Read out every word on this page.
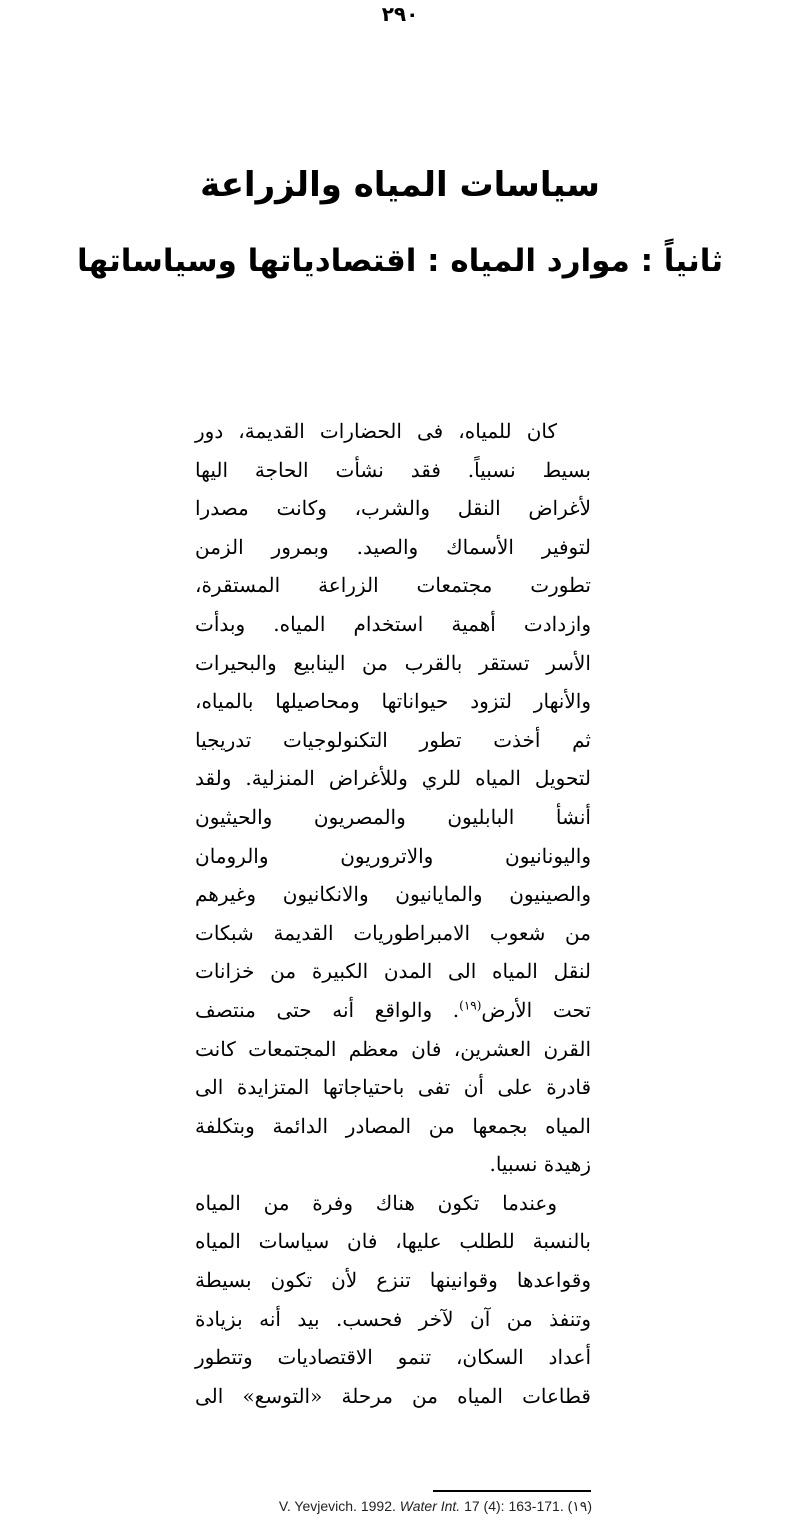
٢٩٠
سياسات المياه والزراعة
ثانياً : موارد المياه : اقتصادياتها وسياساتها
كان للمياه، فى الحضارات القديمة، دور
بسيط نسبياً. فقد نشأت الحاجة اليها
لأغراض النقل والشرب، وكانت مصدرا
لتوفير الأسماك والصيد. وبمرور الزمن
تطورت مجتمعات الزراعة المستقرة،
وازدادت أهمية استخدام المياه. وبدأت
الأسر تستقر بالقرب من الينابيع والبحيرات
والأنهار لتزود حيواناتها ومحاصيلها بالمياه،
ثم أخذت تطور التكنولوجيات تدريجيا
لتحويل المياه للري وللأغراض المنزلية. ولقد
أنشأ البابليون والمصريون والحيثيون
واليونانيون والاتروريون والرومان
والصينيون والمايانيون والانكانيون وغيرهم
من شعوب الامبراطوريات القديمة شبكات
لنقل المياه الى المدن الكبيرة من خزانات
تحت الأرض$^{(١٩)}$. والواقع أنه حتى منتصف
القرن العشرين، فان معظم المجتمعات كانت
قادرة على أن تفى باحتياجاتها المتزايدة الى
المياه بجمعها من المصادر الدائمة وبتكلفة
زهيدة نسبيا.
وعندما تكون هناك وفرة من المياه
بالنسبة للطلب عليها، فان سياسات المياه
وقواعدها وقوانينها تنزع لأن تكون بسيطة
وتنفذ من آن لآخر فحسب. بيد أنه بزيادة
أعداد السكان، تنمو الاقتصاديات وتتطور
قطاعات المياه من مرحلة «التوسع» الى
V. Yevjevich. 1992. Water Int. 17 (4): 163-171. (١٩)
